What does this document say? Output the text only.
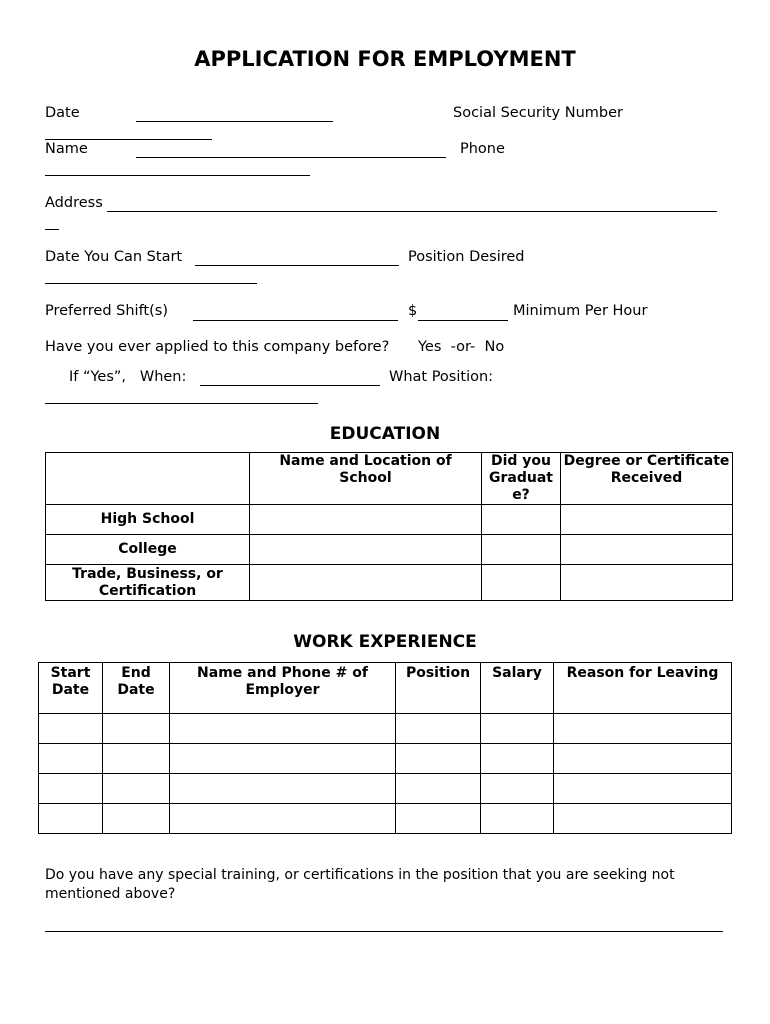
APPLICATION FOR EMPLOYMENT
Date	Social Security Number
Name	Phone
Address
Date You Can Start	Position Desired
Preferred Shift(s)	$	Minimum Per Hour
Have you ever applied to this company before? Yes  -or-  No
If “Yes”,   When:	What Position:
EDUCATION
	Name and Location of School	Did you Graduate?	Degree or Certificate Received
High School			
College			
Trade, Business, or Certification			
WORK EXPERIENCE
Start Date	End Date	Name and Phone # of Employer	Position	Salary	Reason for Leaving

Do you have any special training, or certifications in the position that you are seeking not mentioned above?
